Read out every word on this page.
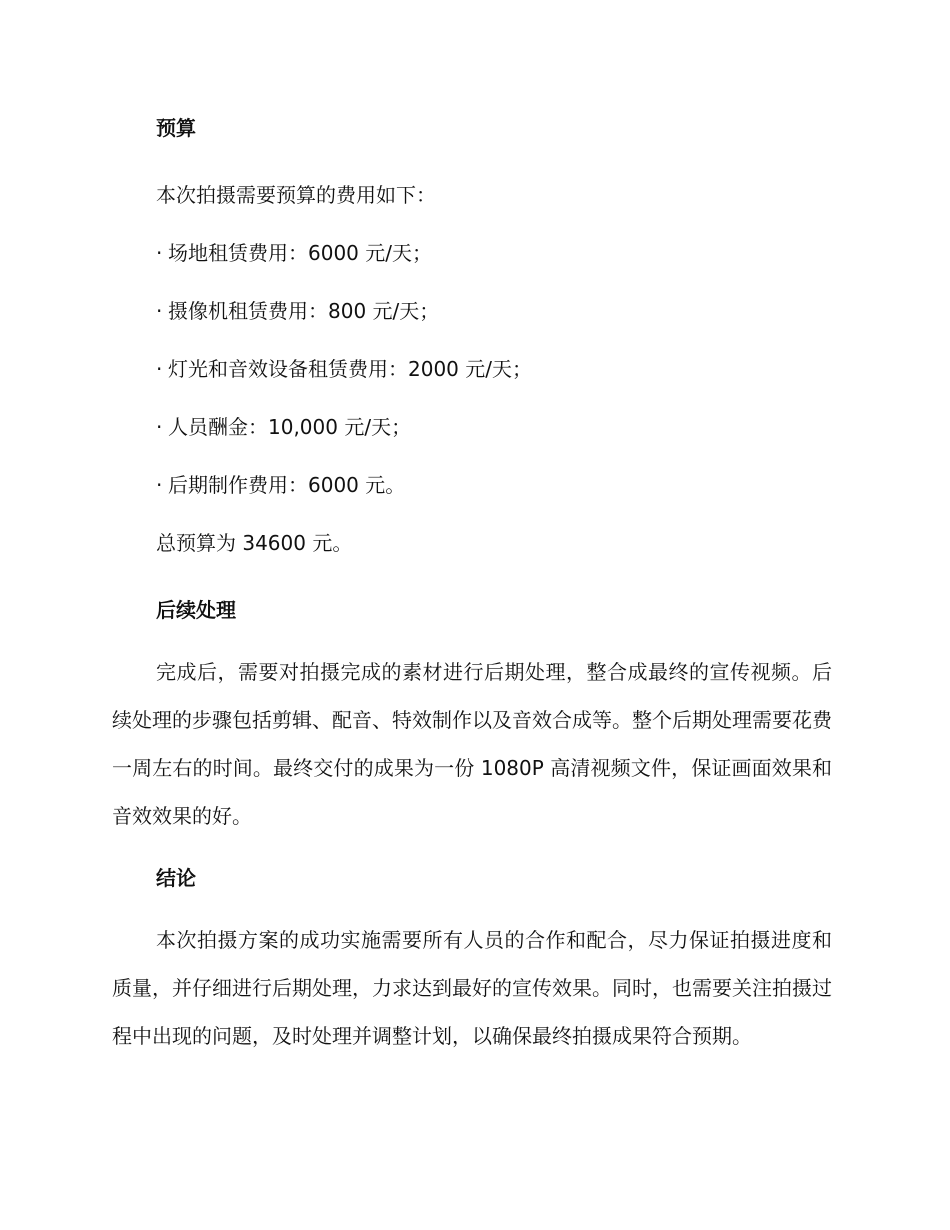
预算
本次拍摄需要预算的费用如下：
· 场地租赁费用：6000 元/天；
· 摄像机租赁费用：800 元/天；
· 灯光和音效设备租赁费用：2000 元/天；
· 人员酬金：10,000 元/天；
· 后期制作费用：6000 元。
总预算为 34600 元。
后续处理

完成后，需要对拍摄完成的素材进行后期处理，整合成最终的宣传视频。后续处理的步骤包括剪辑、配音、特效制作以及音效合成等。整个后期处理需要花费一周左右的时间。最终交付的成果为一份 1080P 高清视频文件，保证画面效果和音效效果的好。

结论

本次拍摄方案的成功实施需要所有人员的合作和配合，尽力保证拍摄进度和质量，并仔细进行后期处理，力求达到最好的宣传效果。同时，也需要关注拍摄过程中出现的问题，及时处理并调整计划，以确保最终拍摄成果符合预期。
